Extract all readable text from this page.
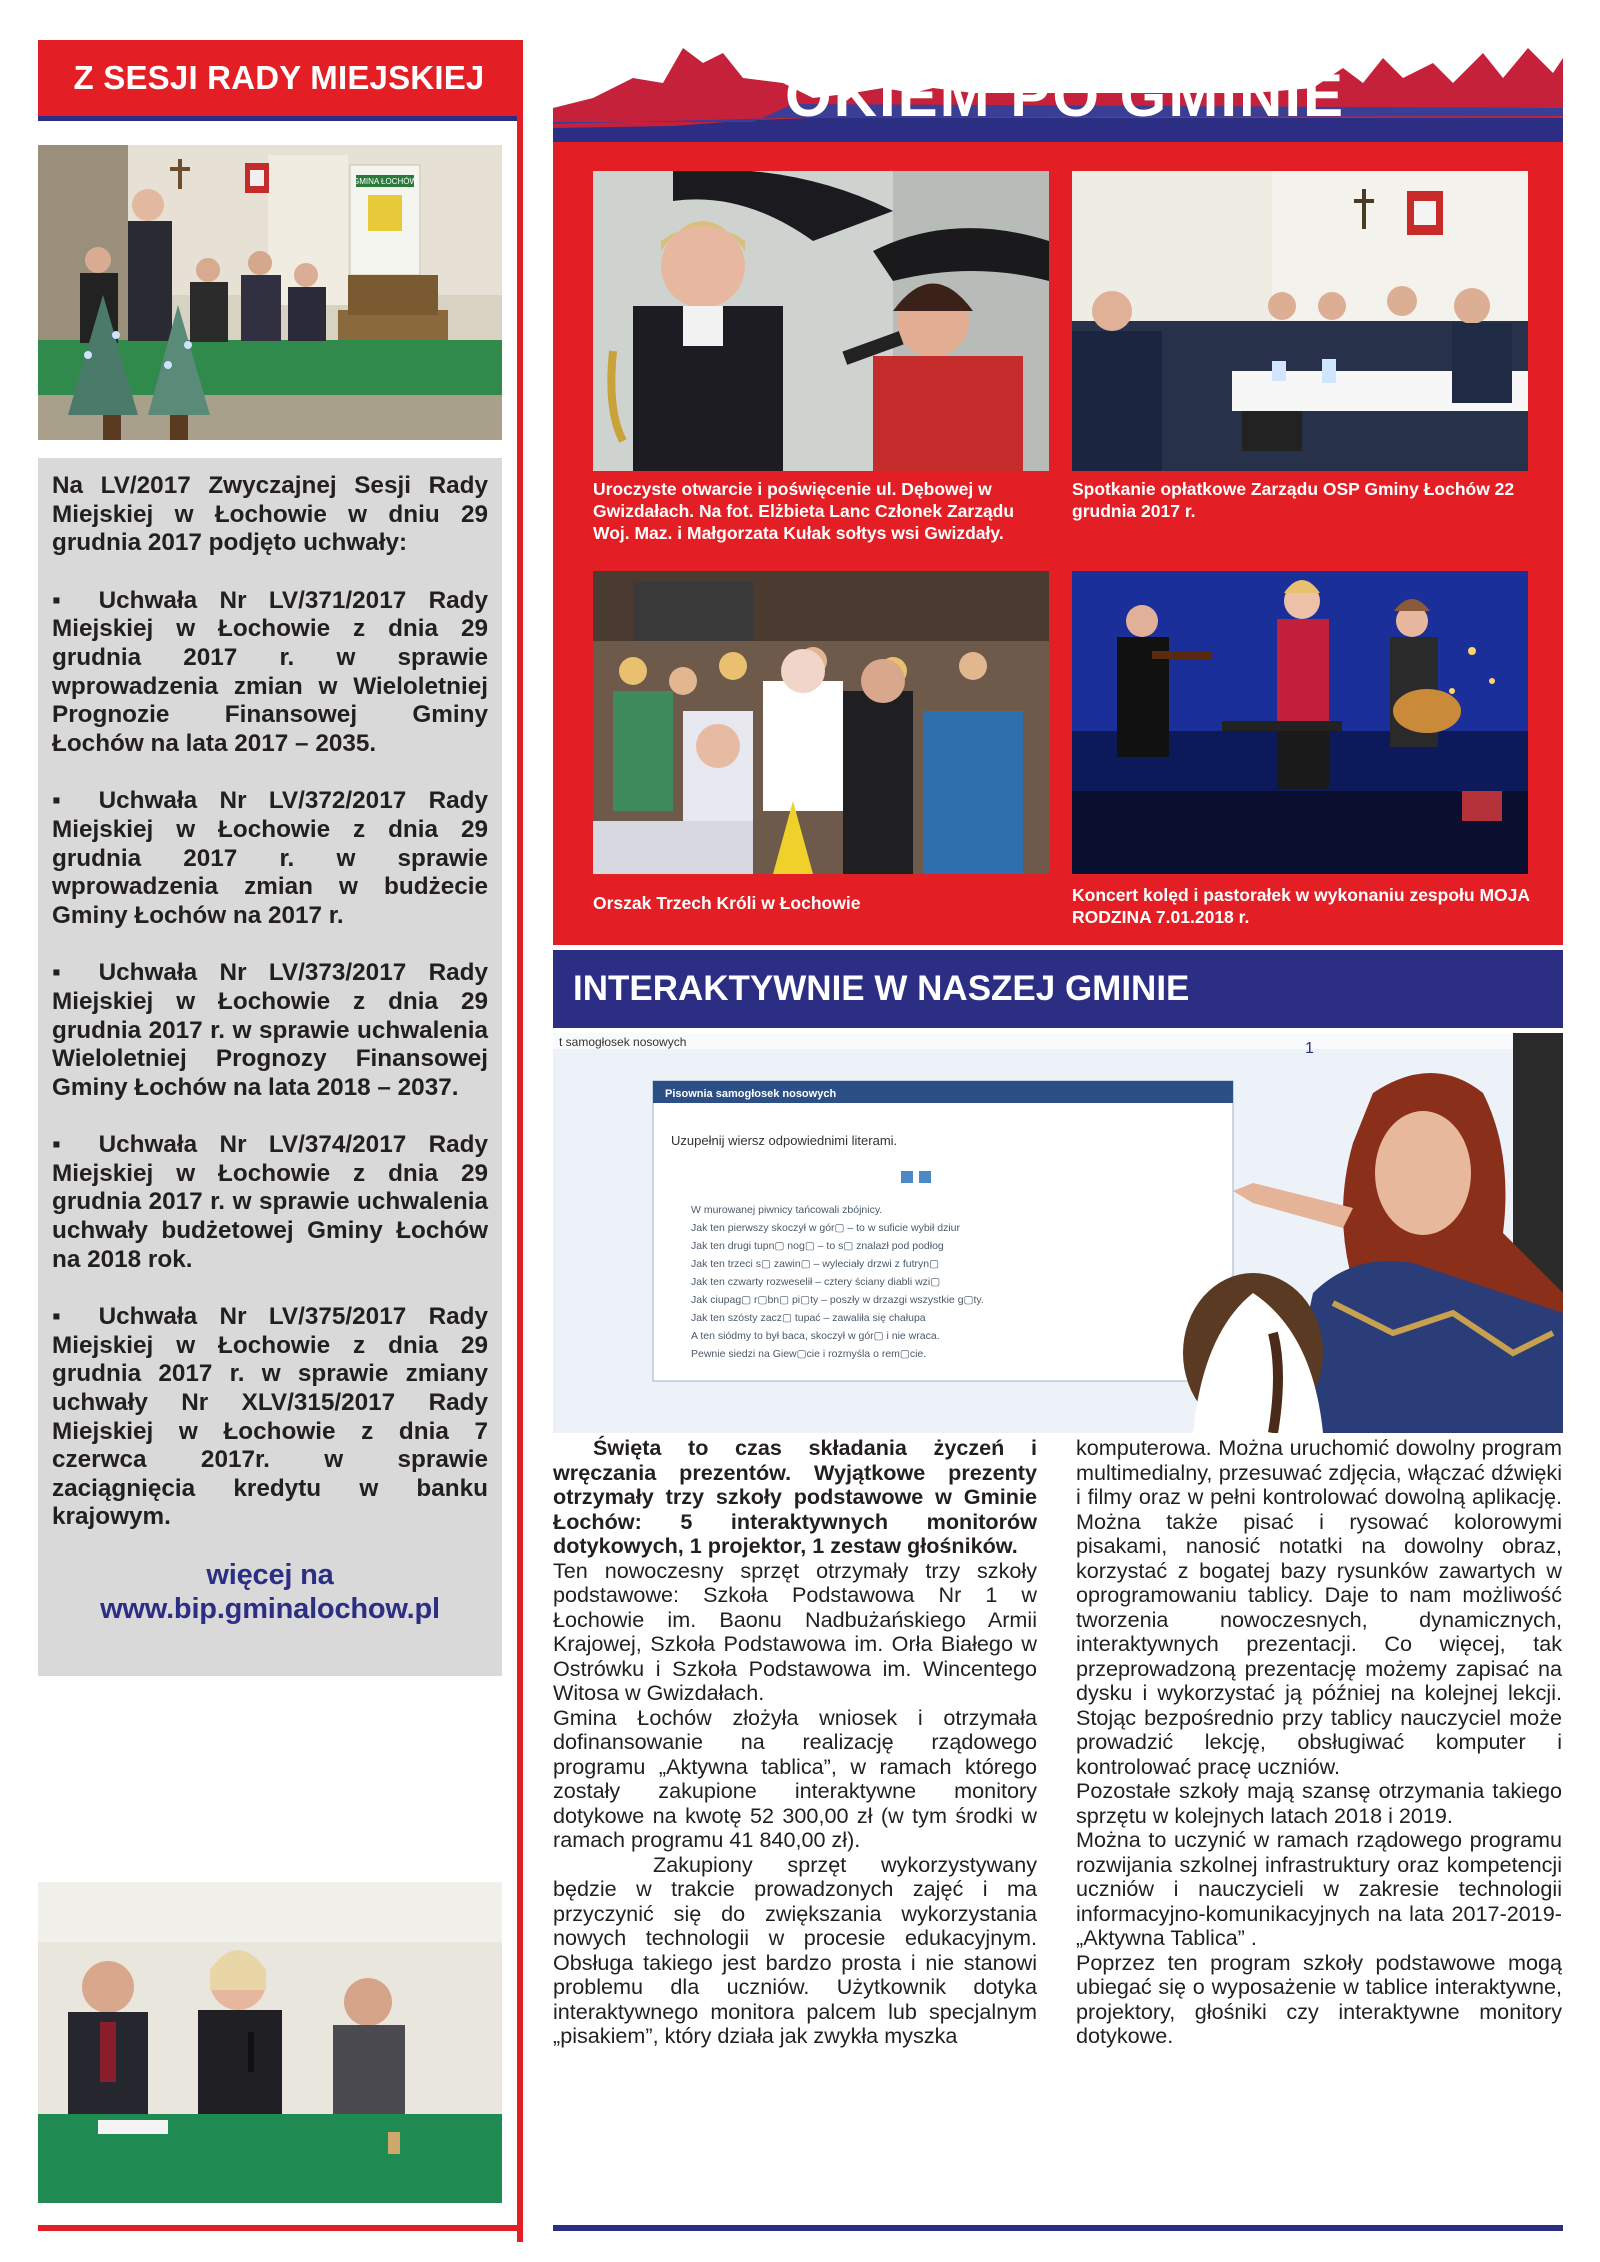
Z SESJI RADY MIEJSKIEJ
GMINA ŁOCHÓW

Na LV/2017 Zwyczajnej Sesji Rady Miejskiej w Łochowie w dniu 29 grudnia 2017 podjęto uchwały:

▪ Uchwała Nr LV/371/2017 Rady Miejskiej w Łochowie z dnia 29 grudnia 2017 r. w sprawie wprowadzenia zmian w Wieloletniej Prognozie Finansowej Gminy Łochów na lata 2017 – 2035.

▪ Uchwała Nr LV/372/2017 Rady Miejskiej w Łochowie z dnia 29 grudnia 2017 r. w sprawie wprowadzenia zmian w budżecie Gminy Łochów na 2017 r.

▪ Uchwała Nr LV/373/2017 Rady Miejskiej w Łochowie z dnia 29 grudnia 2017 r. w sprawie uchwalenia Wieloletniej Prognozy Finansowej Gminy Łochów na lata 2018 – 2037.

▪ Uchwała Nr LV/374/2017 Rady Miejskiej w Łochowie z dnia 29 grudnia 2017 r. w sprawie uchwalenia uchwały budżetowej Gminy Łochów na 2018 rok.

▪ Uchwała Nr LV/375/2017 Rady Miejskiej w Łochowie z dnia 29 grudnia 2017 r. w sprawie zmiany uchwały Nr XLV/315/2017 Rady Miejskiej w Łochowie z dnia 7 czerwca 2017r. w sprawie zaciągnięcia kredytu w banku krajowym.

więcej na www.bip.gminalochow.pl
OKIEM PO GMINIE
Uroczyste otwarcie i poświęcenie ul. Dębowej w Gwizdałach. Na fot. Elżbieta Lanc Członek Zarządu Woj. Maz. i Małgorzata Kułak sołtys wsi Gwizdały.
Spotkanie opłatkowe Zarządu OSP Gminy Łochów 22 grudnia 2017 r.
Orszak Trzech Króli w Łochowie	Koncert kolęd i pastorałek w wykonaniu zespołu MOJA RODZINA 7.01.2018 r.
INTERAKTYWNIE W NASZEJ GMINIE
t samogłosek nosowych	1
Pisownia samogłosek nosowych
Uzupełnij wiersz odpowiednimi literami.
W murowanej piwnicy tańcowali zbójnicy.
Jak ten pierwszy skoczył w gór▢ – to w suficie wybił dziur
Jak ten drugi tupn▢ nog▢ – to s▢ znalazł pod podłog
Jak ten trzeci s▢ zawin▢ – wyleciały drzwi z futryn▢
Jak ten czwarty rozweselił – cztery ściany diabli wzi▢
Jak ciupag▢ r▢bn▢ pi▢ty – poszły w drzazgi wszystkie g▢ty.
Jak ten szósty zacz▢ tupać – zawaliła się chałupa
A ten siódmy to był baca, skoczył w gór▢ i nie wraca.
Pewnie siedzi na Giew▢cie i rozmyśla o rem▢cie.

Święta to czas składania życzeń i wręczania prezentów. Wyjątkowe prezenty otrzymały trzy szkoły podstawowe w Gminie Łochów: 5 interaktywnych monitorów dotykowych, 1 projektor, 1 zestaw głośników.

Ten nowoczesny sprzęt otrzymały trzy szkoły podstawowe: Szkoła Podstawowa Nr 1 w Łochowie im. Baonu Nadbużańskiego Armii Krajowej, Szkoła Podstawowa im. Orła Białego w Ostrówku i Szkoła Podstawowa im. Wincentego Witosa w Gwizdałach.

Gmina Łochów złożyła wniosek i otrzymała dofinansowanie na realizację rządowego programu „Aktywna tablica”, w ramach którego zostały zakupione interaktywne monitory dotykowe na kwotę 52 300,00 zł (w tym środki w ramach programu 41 840,00 zł).

Zakupiony sprzęt wykorzystywany będzie w trakcie prowadzonych zajęć i ma przyczynić się do zwiększania wykorzystania nowych technologii w procesie edukacyjnym. Obsługa takiego jest bardzo prosta i nie stanowi problemu dla uczniów. Użytkownik dotyka interaktywnego monitora palcem lub specjalnym „pisakiem”, który działa jak zwykła myszka

komputerowa. Można uruchomić dowolny program multimedialny, przesuwać zdjęcia, włączać dźwięki i filmy oraz w pełni kontrolować dowolną aplikację. Można także pisać i rysować kolorowymi pisakami, nanosić notatki na dowolny obraz, korzystać z bogatej bazy rysunków zawartych w oprogramowaniu tablicy. Daje to nam możliwość tworzenia nowoczesnych, dynamicznych, interaktywnych prezentacji. Co więcej, tak przeprowadzoną prezentację możemy zapisać na dysku i wykorzystać ją później na kolejnej lekcji. Stojąc bezpośrednio przy tablicy nauczyciel może prowadzić lekcję, obsługiwać komputer i kontrolować pracę uczniów.

Pozostałe szkoły mają szansę otrzymania takiego sprzętu w kolejnych latach 2018 i 2019.

Można to uczynić w ramach rządowego programu rozwijania szkolnej infrastruktury oraz kompetencji uczniów i nauczycieli w zakresie technologii informacyjno-komunikacyjnych na lata 2017-2019- „Aktywna Tablica” .

Poprzez ten program szkoły podstawowe mogą ubiegać się o wyposażenie w tablice interaktywne, projektory, głośniki czy interaktywne monitory dotykowe.
